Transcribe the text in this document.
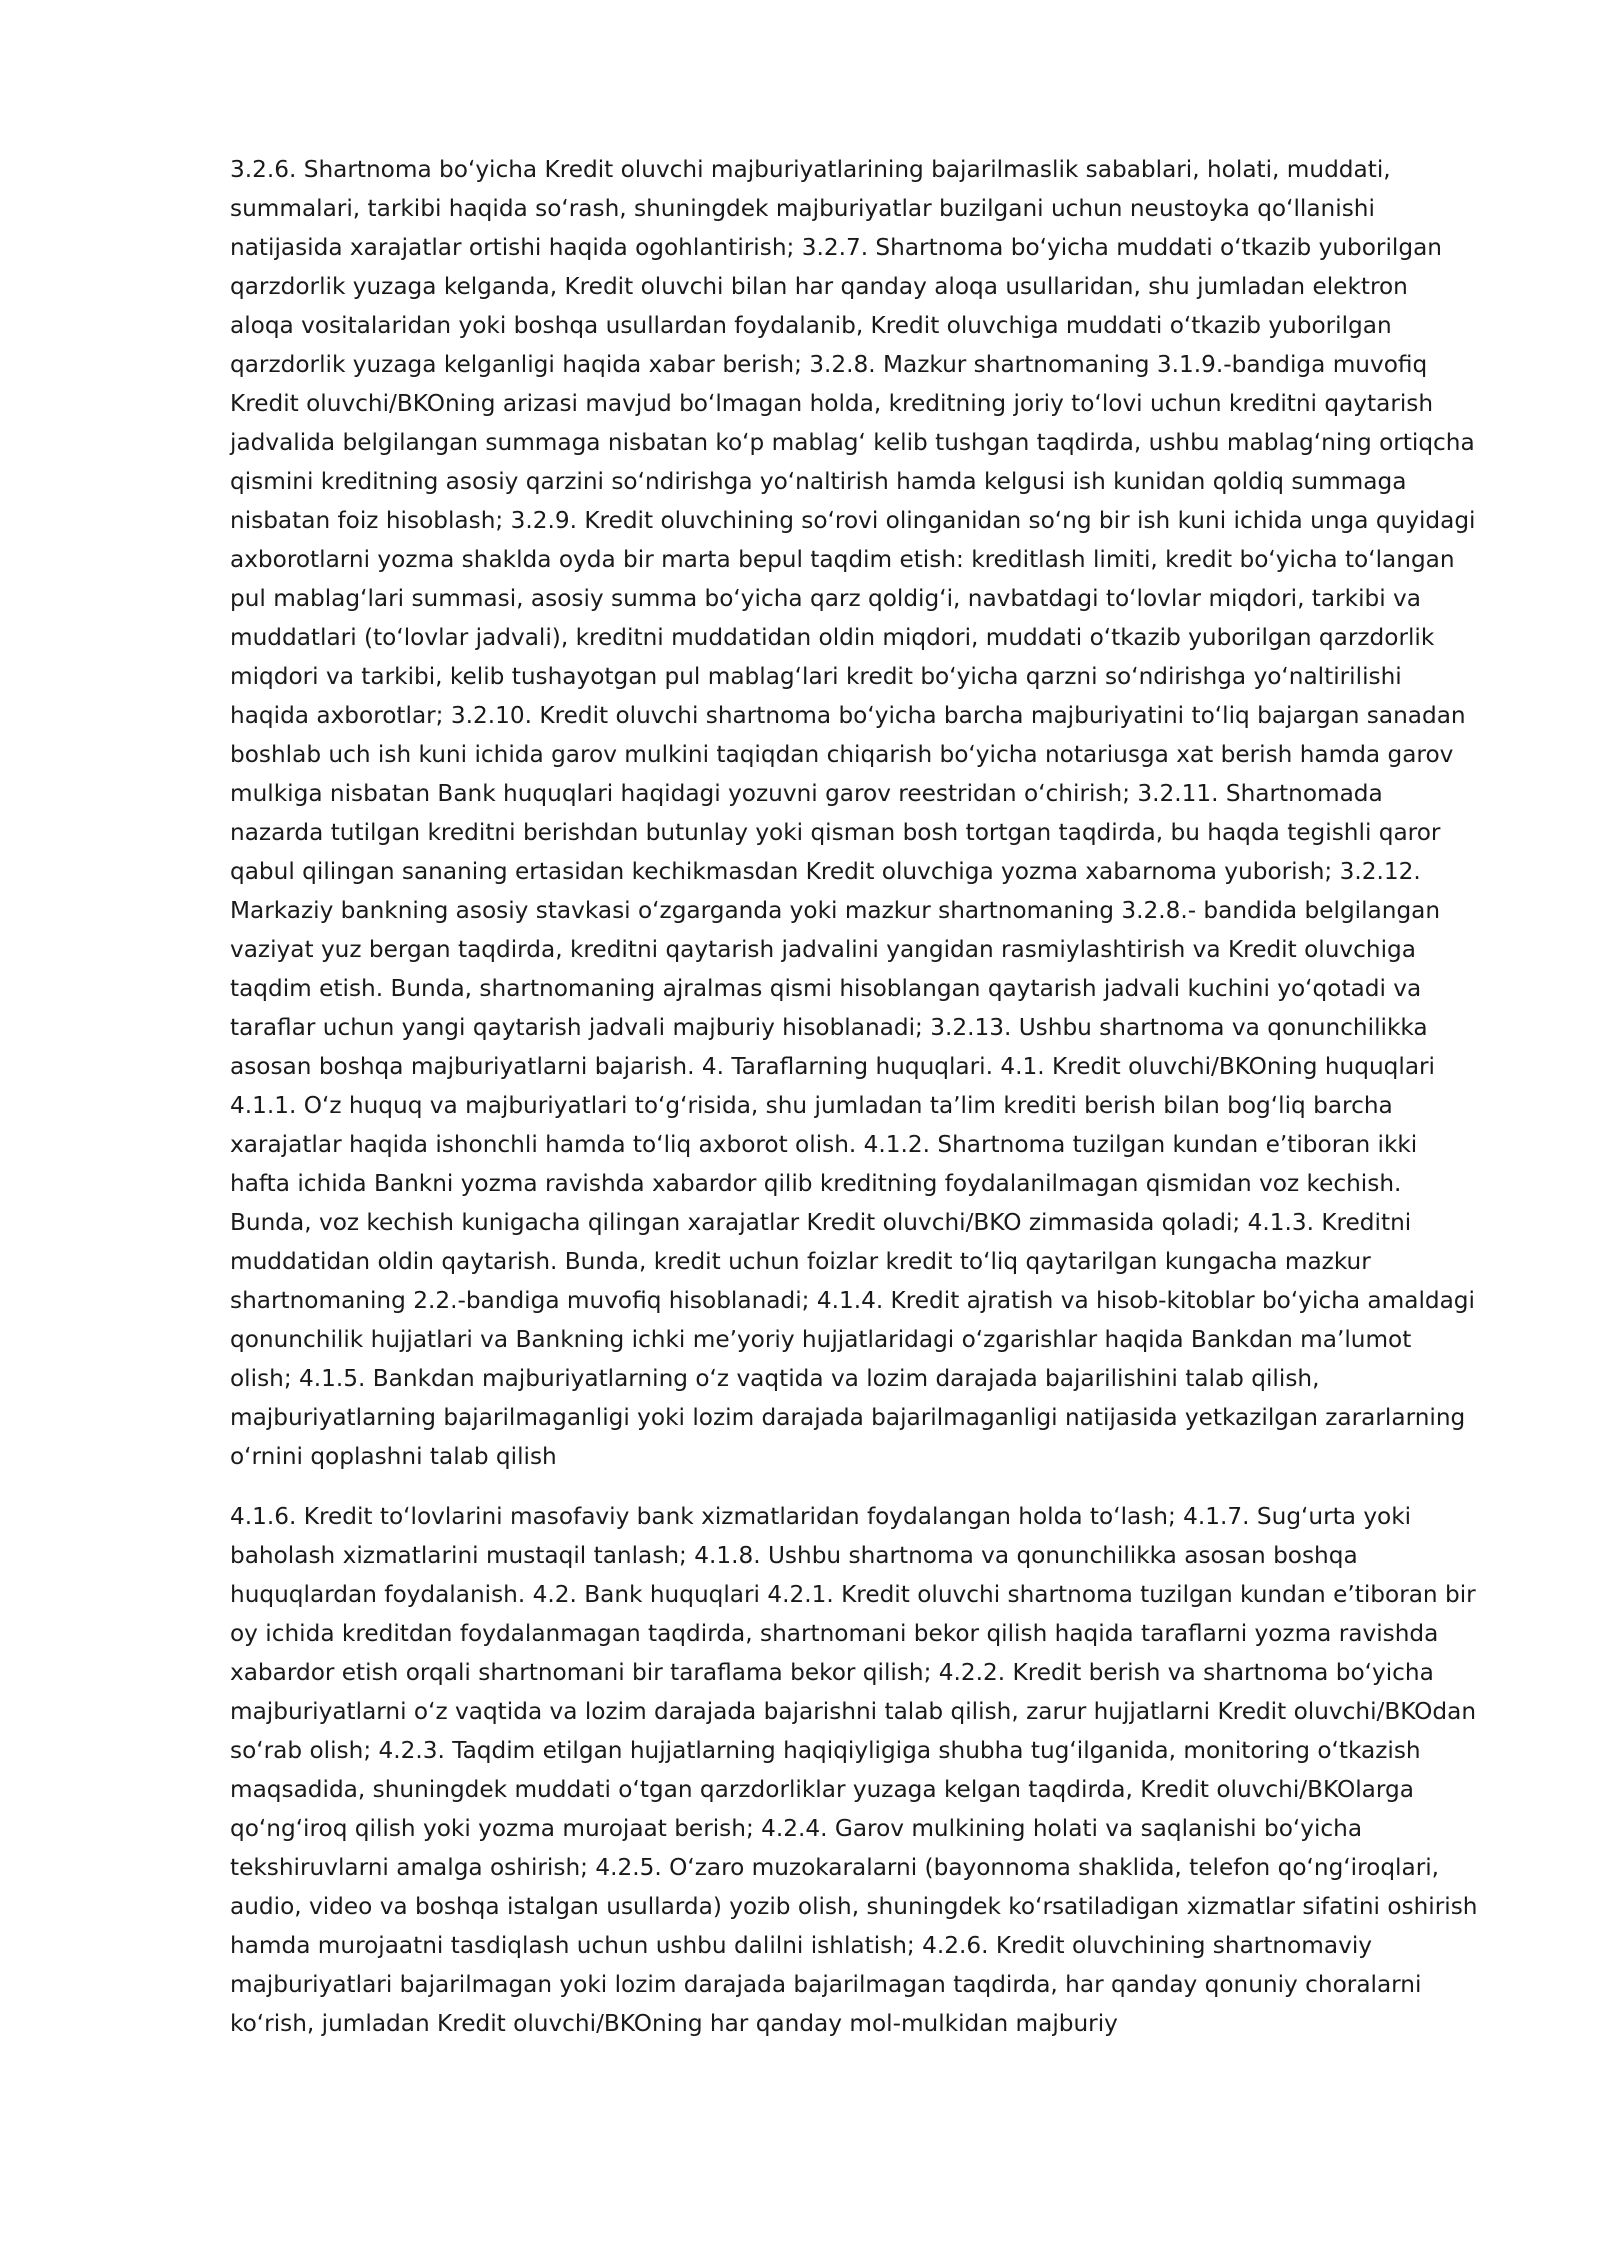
3.2.6. Shartnoma boʻyicha Kredit oluvchi majburiyatlarining bajarilmaslik sabablari, holati, muddati, summalari, tarkibi haqida soʻrash, shuningdek majburiyatlar buzilgani uchun neustoyka qoʻllanishi natijasida xarajatlar ortishi haqida ogohlantirish; 3.2.7. Shartnoma boʻyicha muddati oʻtkazib yuborilgan qarzdorlik yuzaga kelganda, Kredit oluvchi bilan har qanday aloqa usullaridan, shu jumladan elektron aloqa vositalaridan yoki boshqa usullardan foydalanib, Kredit oluvchiga muddati oʻtkazib yuborilgan qarzdorlik yuzaga kelganligi haqida xabar berish; 3.2.8. Mazkur shartnomaning 3.1.9.-bandiga muvofiq Kredit oluvchi/BKOning arizasi mavjud boʻlmagan holda, kreditning joriy toʻlovi uchun kreditni qaytarish jadvalida belgilangan summaga nisbatan koʻp mablagʻ kelib tushgan taqdirda, ushbu mablagʻning ortiqcha qismini kreditning asosiy qarzini soʻndirishga yoʻnaltirish hamda kelgusi ish kunidan qoldiq summaga nisbatan foiz hisoblash; 3.2.9. Kredit oluvchining soʻrovi olinganidan soʻng bir ish kuni ichida unga quyidagi axborotlarni yozma shaklda oyda bir marta bepul taqdim etish: kreditlash limiti, kredit boʻyicha toʻlangan pul mablagʻlari summasi, asosiy summa boʻyicha qarz qoldigʻi, navbatdagi toʻlovlar miqdori, tarkibi va muddatlari (toʻlovlar jadvali), kreditni muddatidan oldin miqdori, muddati oʻtkazib yuborilgan qarzdorlik miqdori va tarkibi, kelib tushayotgan pul mablagʻlari kredit boʻyicha qarzni soʻndirishga yoʻnaltirilishi haqida axborotlar; 3.2.10. Kredit oluvchi shartnoma boʻyicha barcha majburiyatini toʻliq bajargan sanadan boshlab uch ish kuni ichida garov mulkini taqiqdan chiqarish boʻyicha notariusga xat berish hamda garov mulkiga nisbatan Bank huquqlari haqidagi yozuvni garov reestridan oʻchirish; 3.2.11. Shartnomada nazarda tutilgan kreditni berishdan butunlay yoki qisman bosh tortgan taqdirda, bu haqda tegishli qaror qabul qilingan sananing ertasidan kechikmasdan Kredit oluvchiga yozma xabarnoma yuborish; 3.2.12. Markaziy bankning asosiy stavkasi oʻzgarganda yoki mazkur shartnomaning 3.2.8.- bandida belgilangan vaziyat yuz bergan taqdirda, kreditni qaytarish jadvalini yangidan rasmiylashtirish va Kredit oluvchiga taqdim etish. Bunda, shartnomaning ajralmas qismi hisoblangan qaytarish jadvali kuchini yoʻqotadi va taraflar uchun yangi qaytarish jadvali majburiy hisoblanadi; 3.2.13. Ushbu shartnoma va qonunchilikka asosan boshqa majburiyatlarni bajarish. 4. Taraflarning huquqlari. 4.1. Kredit oluvchi/BKOning huquqlari 4.1.1. Oʻz huquq va majburiyatlari toʻgʻrisida, shu jumladan taʼlim krediti berish bilan bogʻliq barcha xarajatlar haqida ishonchli hamda toʻliq axborot olish. 4.1.2. Shartnoma tuzilgan kundan eʼtiboran ikki hafta ichida Bankni yozma ravishda xabardor qilib kreditning foydalanilmagan qismidan voz kechish. Bunda, voz kechish kunigacha qilingan xarajatlar Kredit oluvchi/BKO zimmasida qoladi; 4.1.3. Kreditni muddatidan oldin qaytarish. Bunda, kredit uchun foizlar kredit toʻliq qaytarilgan kungacha mazkur shartnomaning 2.2.-bandiga muvofiq hisoblanadi; 4.1.4. Kredit ajratish va hisob-kitoblar boʻyicha amaldagi qonunchilik hujjatlari va Bankning ichki meʼyoriy hujjatlaridagi oʻzgarishlar haqida Bankdan maʼlumot olish; 4.1.5. Bankdan majburiyatlarning oʻz vaqtida va lozim darajada bajarilishini talab qilish, majburiyatlarning bajarilmaganligi yoki lozim darajada bajarilmaganligi natijasida yetkazilgan zararlarning oʻrnini qoplashni talab qilish

4.1.6. Kredit toʻlovlarini masofaviy bank xizmatlaridan foydalangan holda toʻlash; 4.1.7. Sugʻurta yoki baholash xizmatlarini mustaqil tanlash; 4.1.8. Ushbu shartnoma va qonunchilikka asosan boshqa huquqlardan foydalanish. 4.2. Bank huquqlari 4.2.1. Kredit oluvchi shartnoma tuzilgan kundan eʼtiboran bir oy ichida kreditdan foydalanmagan taqdirda, shartnomani bekor qilish haqida taraflarni yozma ravishda xabardor etish orqali shartnomani bir taraflama bekor qilish; 4.2.2. Kredit berish va shartnoma boʻyicha majburiyatlarni oʻz vaqtida va lozim darajada bajarishni talab qilish, zarur hujjatlarni Kredit oluvchi/BKOdan soʻrab olish; 4.2.3. Taqdim etilgan hujjatlarning haqiqiyligiga shubha tugʻilganida, monitoring oʻtkazish maqsadida, shuningdek muddati oʻtgan qarzdorliklar yuzaga kelgan taqdirda, Kredit oluvchi/BKOlarga qoʻngʻiroq qilish yoki yozma murojaat berish; 4.2.4. Garov mulkining holati va saqlanishi boʻyicha tekshiruvlarni amalga oshirish; 4.2.5. Oʻzaro muzokaralarni (bayonnoma shaklida, telefon qoʻngʻiroqlari, audio, video va boshqa istalgan usullarda) yozib olish, shuningdek koʻrsatiladigan xizmatlar sifatini oshirish hamda murojaatni tasdiqlash uchun ushbu dalilni ishlatish; 4.2.6. Kredit oluvchining shartnomaviy majburiyatlari bajarilmagan yoki lozim darajada bajarilmagan taqdirda, har qanday qonuniy choralarni koʻrish, jumladan Kredit oluvchi/BKOning har qanday mol-mulkidan majburiy
